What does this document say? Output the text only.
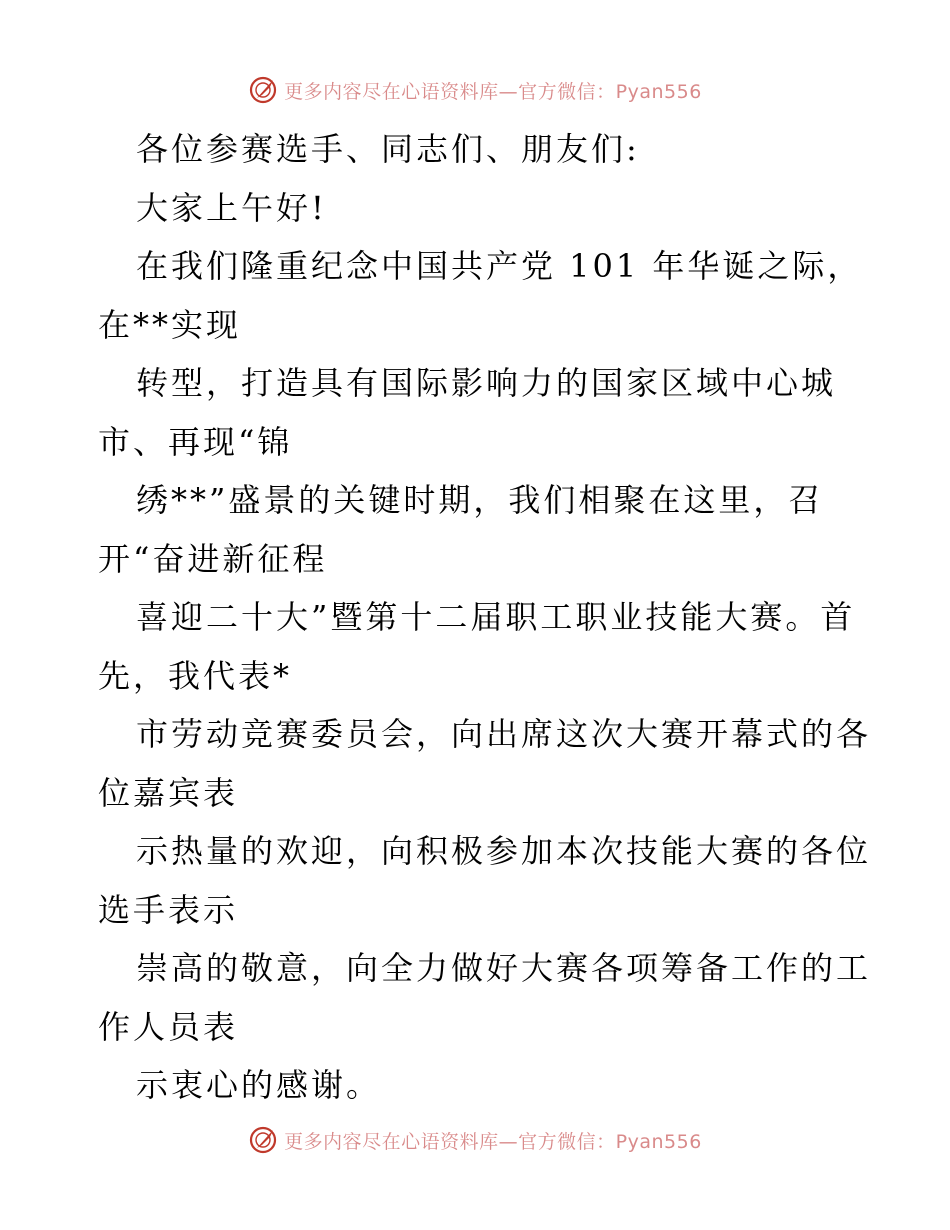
更多内容尽在心语资料库—官方微信：Pyan556
各位参赛选手、同志们、朋友们:
大家上午好!
在我们隆重纪念中国共产党 101 年华诞之际，
在**实现
转型，打造具有国际影响力的国家区域中心城
市、再现“锦
绣**”盛景的关键时期，我们相聚在这里，召
开“奋进新征程
喜迎二十大”暨第十二届职工职业技能大赛。首
先，我代表*
市劳动竞赛委员会，向出席这次大赛开幕式的各
位嘉宾表
示热量的欢迎，向积极参加本次技能大赛的各位
选手表示
崇高的敬意，向全力做好大赛各项筹备工作的工
作人员表
示衷心的感谢。
更多内容尽在心语资料库—官方微信：Pyan556
